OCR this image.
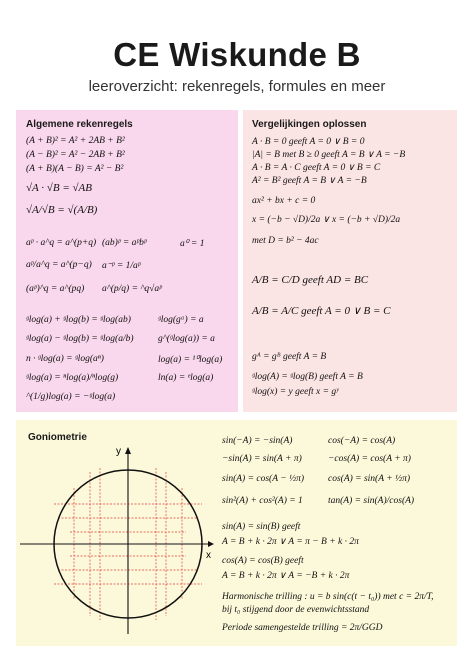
CE Wiskunde B
leeroverzicht: rekenregels, formules en meer
Algemene rekenregels
(A + B)² = A² + 2AB + B²
(A − B)² = A² − 2AB + B²
(A + B)(A − B) = A² − B²
√A · √B = √AB
√A/√B = √(A/B)
aᵖ · a^q = a^(p+q) (ab)ᵖ = aᵖbᵖ	a⁰ = 1
aᵖ/a^q = a^(p−q) a⁻ᵖ = 1/aᵖ
(aᵖ)^q = a^(pq) a^(p/q) = ^q√aᵖ
ᵍlog(a) + ᵍlog(b) = ᵍlog(ab)	ᵍlog(gᵃ) = a
ᵍlog(a) − ᵍlog(b) = ᵍlog(a/b)	g^(ᵍlog(a)) = a
n · ᵍlog(a) = ᵍlog(aⁿ)	log(a) = ¹⁰log(a)
ᵍlog(a) = ⁿlog(a)/ⁿlog(g)	ln(a) = ᵉlog(a)
^(1/g)log(a) = −ᵍlog(a)
Vergelijkingen oplossen
A · B = 0 geeft A = 0 ∨ B = 0
|A| = B met B ≥ 0 geeft A = B ∨ A = −B
A · B = A · C geeft A = 0 ∨ B = C
A² = B² geeft A = B ∨ A = −B
ax² + bx + c = 0
x = (−b − √D)/2a ∨ x = (−b + √D)/2a
met D = b² − 4ac
A/B = C/D geeft AD = BC
A/B = A/C geeft A = 0 ∨ B = C
gᴬ = gᴮ geeft A = B
ᵍlog(A) = ᵍlog(B) geeft A = B
ᵍlog(x) = y geeft x = gʸ
Goniometrie
x
y
sin(−A) = −sin(A)	cos(−A) = cos(A)
−sin(A) = sin(A + π)	−cos(A) = cos(A + π)
sin(A) = cos(A − ½π)	cos(A) = sin(A + ½π)
sin²(A) + cos²(A) = 1	tan(A) = sin(A)/cos(A)
sin(A) = sin(B) geeft
A = B + k · 2π ∨ A = π − B + k · 2π
cos(A) = cos(B) geeft
A = B + k · 2π ∨ A = −B + k · 2π
Harmonische trilling : u = b sin(c(t − t₀)) met c = 2π/T,
bij t₀ stijgend door de evenwichtsstand
Periode samengestelde trilling = 2π/GGD
